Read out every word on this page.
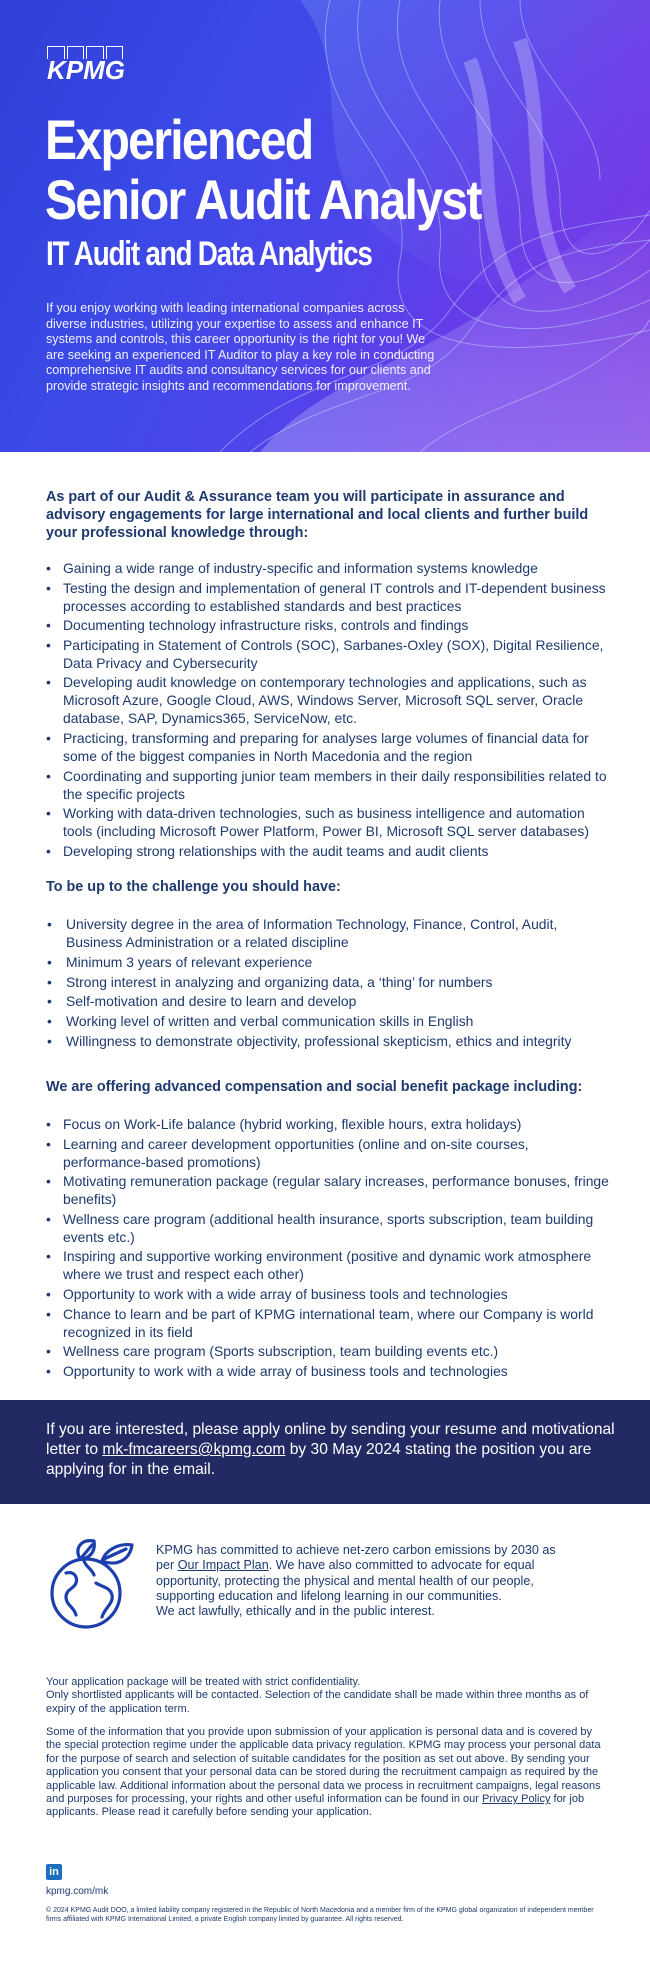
KPMG
Experienced
Senior Audit Analyst
IT Audit and Data Analytics
If you enjoy working with leading international companies across diverse industries, utilizing your expertise to assess and enhance IT systems and controls, this career opportunity is the right for you! We are seeking an experienced IT Auditor to play a key role in conducting comprehensive IT audits and consultancy services for our clients and provide strategic insights and recommendations for improvement.
As part of our Audit & Assurance team you will participate in assurance and advisory engagements for large international and local clients and further build your professional knowledge through:
• Gaining a wide range of industry-specific and information systems knowledge
• Testing the design and implementation of general IT controls and IT-dependent business processes according to established standards and best practices
• Documenting technology infrastructure risks, controls and findings
• Participating in Statement of Controls (SOC), Sarbanes-Oxley (SOX), Digital Resilience, Data Privacy and Cybersecurity
• Developing audit knowledge on contemporary technologies and applications, such as Microsoft Azure, Google Cloud, AWS, Windows Server, Microsoft SQL server, Oracle database, SAP, Dynamics365, ServiceNow, etc.
• Practicing, transforming and preparing for analyses large volumes of financial data for some of the biggest companies in North Macedonia and the region
• Coordinating and supporting junior team members in their daily responsibilities related to the specific projects
• Working with data-driven technologies, such as business intelligence and automation tools (including Microsoft Power Platform, Power BI, Microsoft SQL server databases)
• Developing strong relationships with the audit teams and audit clients
To be up to the challenge you should have:
• University degree in the area of Information Technology, Finance, Control, Audit, Business Administration or a related discipline
• Minimum 3 years of relevant experience
• Strong interest in analyzing and organizing data, a ‘thing’ for numbers
• Self-motivation and desire to learn and develop
• Working level of written and verbal communication skills in English
• Willingness to demonstrate objectivity, professional skepticism, ethics and integrity
We are offering advanced compensation and social benefit package including:
• Focus on Work-Life balance (hybrid working, flexible hours, extra holidays)
• Learning and career development opportunities (online and on-site courses, performance-based promotions)
• Motivating remuneration package (regular salary increases, performance bonuses, fringe benefits)
• Wellness care program (additional health insurance, sports subscription, team building events etc.)
• Inspiring and supportive working environment (positive and dynamic work atmosphere where we trust and respect each other)
• Opportunity to work with a wide array of business tools and technologies
• Chance to learn and be part of KPMG international team, where our Company is world recognized in its field
• Wellness care program (Sports subscription, team building events etc.)
• Opportunity to work with a wide array of business tools and technologies
If you are interested, please apply online by sending your resume and motivational letter to mk-fmcareers@kpmg.com by 30 May 2024 stating the position you are applying for in the email.
KPMG has committed to achieve net-zero carbon emissions by 2030 as per Our Impact Plan. We have also committed to advocate for equal opportunity, protecting the physical and mental health of our people, supporting education and lifelong learning in our communities.
We act lawfully, ethically and in the public interest.
Your application package will be treated with strict confidentiality.
Only shortlisted applicants will be contacted. Selection of the candidate shall be made within three months as of expiry of the application term.
Some of the information that you provide upon submission of your application is personal data and is covered by the special protection regime under the applicable data privacy regulation. KPMG may process your personal data for the purpose of search and selection of suitable candidates for the position as set out above. By sending your application you consent that your personal data can be stored during the recruitment campaign as required by the applicable law. Additional information about the personal data we process in recruitment campaigns, legal reasons and purposes for processing, your rights and other useful information can be found in our Privacy Policy for job applicants. Please read it carefully before sending your application.
in
kpmg.com/mk
© 2024 KPMG Audit DOO, a limited liability company registered in the Republic of North Macedonia and a member firm of the KPMG global organization of independent member firms affiliated with KPMG International Limited, a private English company limited by guarantee. All rights reserved.
